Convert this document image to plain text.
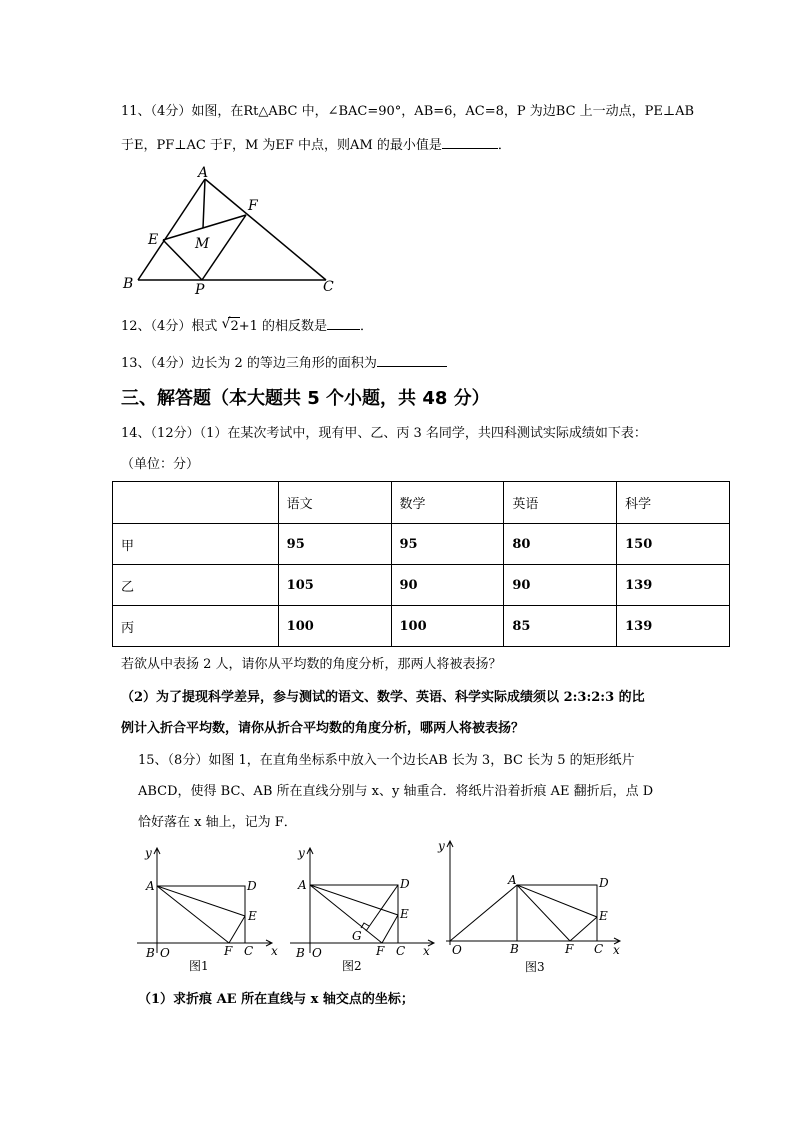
11、（4分）如图，在Rt△ABC 中，∠BAC=90°，AB=6，AC=8，P 为边BC 上一动点，PE⊥AB
于E，PF⊥AC 于F，M 为EF 中点，则AM 的最小值是	．
A
F
E	M
B	P	C
12、（4分）根式 √ 2+1 的相反数是	．
13、（4分）边长为 2 的等边三角形的面积为
三、解答题（本大题共 5 个小题，共 48 分）
14、（12分）（1）在某次考试中，现有甲、乙、丙 3 名同学，共四科测试实际成绩如下表：
（单位：分）
	语文	数学	英语	科学
甲	95	95	80	150
乙	105	90	90	139
丙	100	100	85	139
若欲从中表扬 2 人，请你从平均数的角度分析，那两人将被表扬？
（2）为了提现科学差异，参与测试的语文、数学、英语、科学实际成绩须以 2:3:2:3 的比
例计入折合平均数，请你从折合平均数的角度分析，哪两人将被表扬？
15、（8分）如图 1，在直角坐标系中放入一个边长AB 长为 3，BC 长为 5 的矩形纸片
ABCD，使得 BC、AB 所在直线分别与 x、y 轴重合．将纸片沿着折痕 AE 翻折后，点 D
恰好落在 x 轴上，记为 F．
y
A	D
E
B O	F C x
图1
y
A	D
E
G
B O	F C x
图2
y
A	D
E
O	B	F C x
图3
（1）求折痕 AE 所在直线与 x 轴交点的坐标；
